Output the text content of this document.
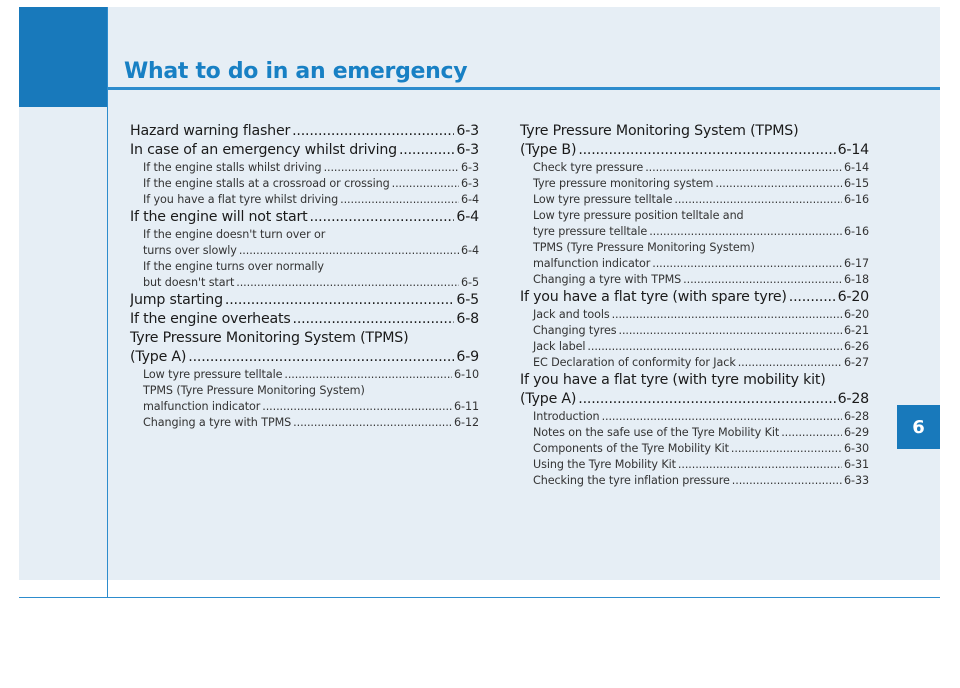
What to do in an emergency
6
Hazard warning flasher .....	6-3
In case of an emergency whilst driving .....	6-3
If the engine stalls whilst driving .....	6-3
If the engine stalls at a crossroad or crossing .....	6-3
If you have a flat tyre whilst driving .....	6-4
If the engine will not start .....	6-4
If the engine doesn't turn over or
turns over slowly .....	6-4
If the engine turns over normally
but doesn't start .....	6-5
Jump starting .....	6-5
If the engine overheats .....	6-8
Tyre Pressure Monitoring System (TPMS)
(Type A) .....	6-9
Low tyre pressure telltale .....	6-10
TPMS (Tyre Pressure Monitoring System)
malfunction indicator .....	6-11
Changing a tyre with TPMS .....	6-12
Tyre Pressure Monitoring System (TPMS)
(Type B) .....	6-14
Check tyre pressure .....	6-14
Tyre pressure monitoring system .....	6-15
Low tyre pressure telltale .....	6-16
Low tyre pressure position telltale and
tyre pressure telltale .....	6-16
TPMS (Tyre Pressure Monitoring System)
malfunction indicator .....	6-17
Changing a tyre with TPMS .....	6-18
If you have a flat tyre (with spare tyre) .....	6-20
Jack and tools .....	6-20
Changing tyres .....	6-21
Jack label .....	6-26
EC Declaration of conformity for Jack .....	6-27
If you have a flat tyre (with tyre mobility kit)
(Type A) .....	6-28
Introduction .....	6-28
Notes on the safe use of the Tyre Mobility Kit .....	6-29
Components of the Tyre Mobility Kit .....	6-30
Using the Tyre Mobility Kit .....	6-31
Checking the tyre inflation pressure .....	6-33
